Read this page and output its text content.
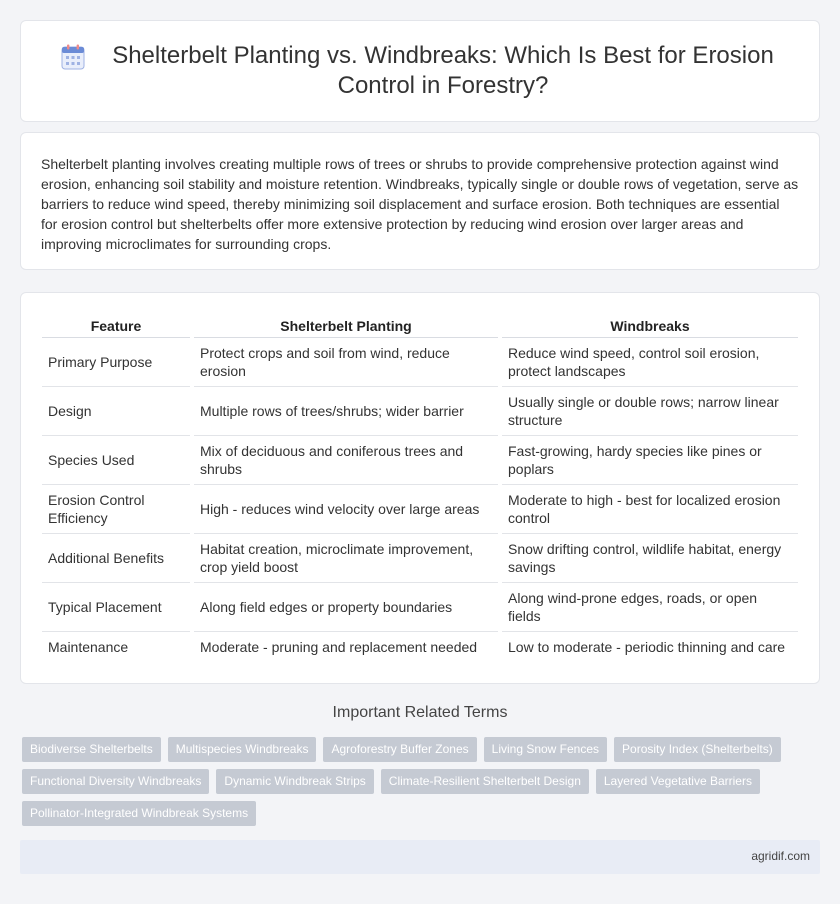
Shelterbelt Planting vs. Windbreaks: Which Is Best for Erosion Control in Forestry?

Shelterbelt planting involves creating multiple rows of trees or shrubs to provide comprehensive protection against wind erosion, enhancing soil stability and moisture retention. Windbreaks, typically single or double rows of vegetation, serve as barriers to reduce wind speed, thereby minimizing soil displacement and surface erosion. Both techniques are essential for erosion control but shelterbelts offer more extensive protection by reducing wind erosion over larger areas and improving microclimates for surrounding crops.

Feature	Shelterbelt Planting	Windbreaks
Primary Purpose	Protect crops and soil from wind, reduce erosion	Reduce wind speed, control soil erosion, protect landscapes
Design	Multiple rows of trees/shrubs; wider barrier	Usually single or double rows; narrow linear structure
Species Used	Mix of deciduous and coniferous trees and shrubs	Fast-growing, hardy species like pines or poplars
Erosion Control Efficiency	High - reduces wind velocity over large areas	Moderate to high - best for localized erosion control
Additional Benefits	Habitat creation, microclimate improvement, crop yield boost	Snow drifting control, wildlife habitat, energy savings
Typical Placement	Along field edges or property boundaries	Along wind-prone edges, roads, or open fields
Maintenance	Moderate - pruning and replacement needed	Low to moderate - periodic thinning and care
Important Related Terms
Biodiverse Shelterbelts	Multispecies Windbreaks	Agroforestry Buffer Zones	Living Snow Fences	Porosity Index (Shelterbelts)
Functional Diversity Windbreaks	Dynamic Windbreak Strips	Climate-Resilient Shelterbelt Design	Layered Vegetative Barriers
Pollinator-Integrated Windbreak Systems
agridif.com
